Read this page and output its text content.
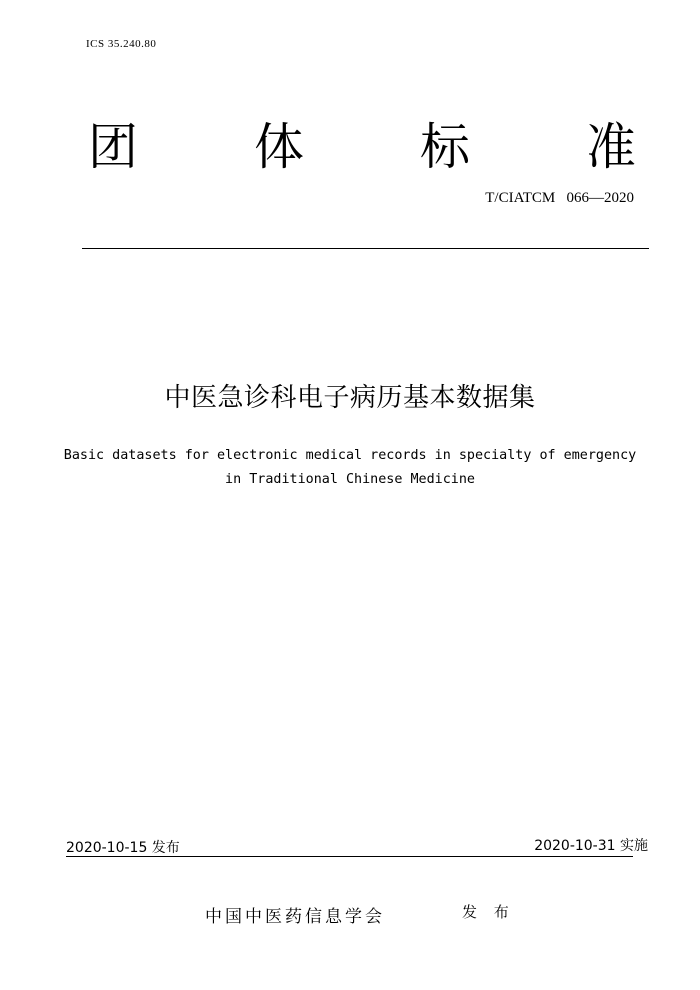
ICS 35.240.80
团 体 标 准
T/CIATCM   066—2020
中医急诊科电子病历基本数据集
Basic datasets for electronic medical records in specialty of emergency
in Traditional Chinese Medicine
2020-10-15 发布	2020-10-31 实施
中国中医药信息学会	发 布
